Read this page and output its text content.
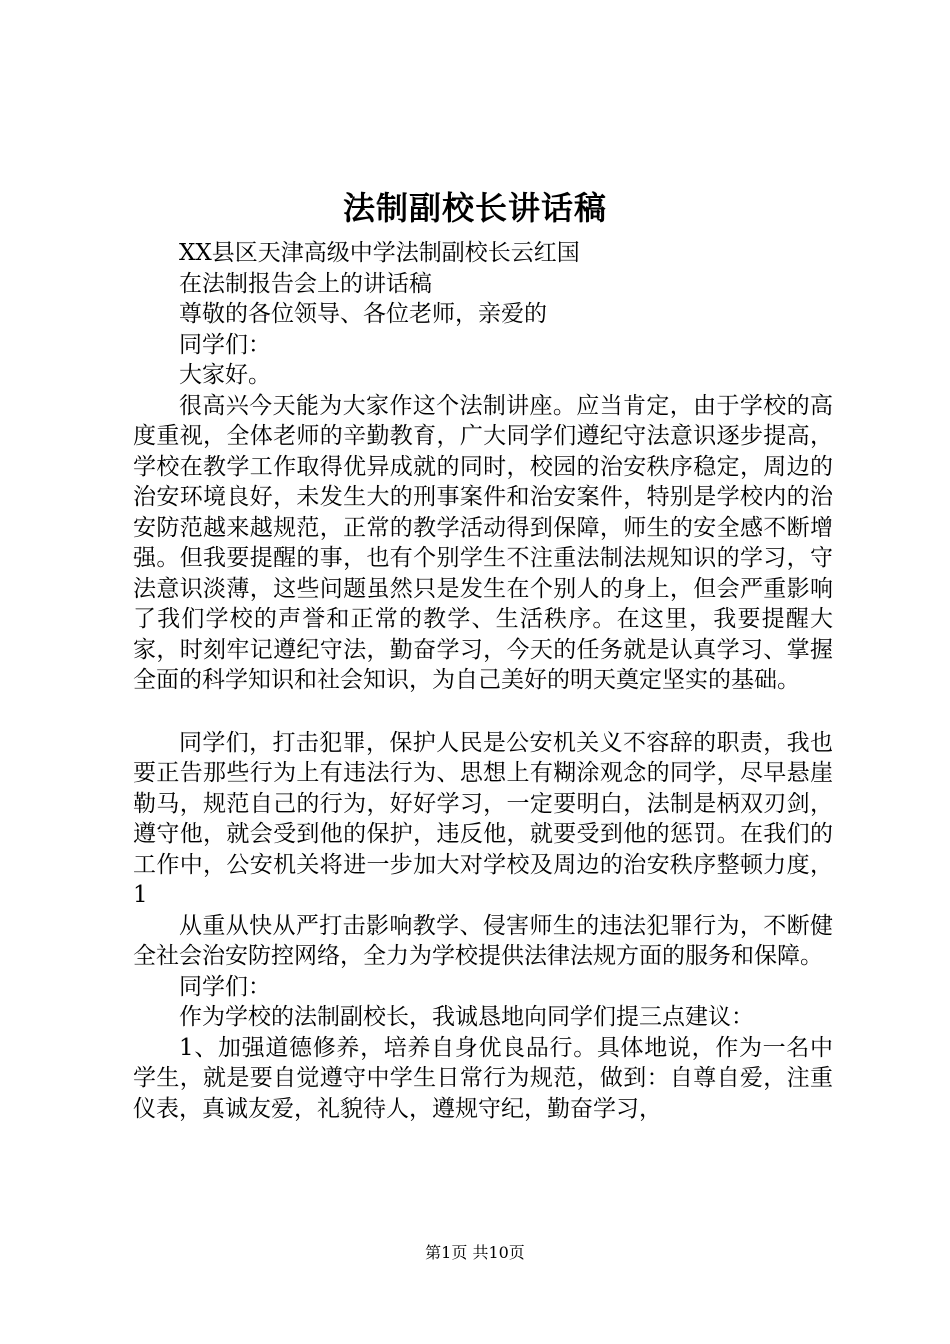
法制副校长讲话稿

XX县区天津高级中学法制副校长云红国

在法制报告会上的讲话稿

尊敬的各位领导、各位老师，亲爱的

同学们：

大家好。

很高兴今天能为大家作这个法制讲座。应当肯定，由于学校的高度重视，全体老师的辛勤教育，广大同学们遵纪守法意识逐步提高，学校在教学工作取得优异成就的同时，校园的治安秩序稳定，周边的治安环境良好，未发生大的刑事案件和治安案件，特别是学校内的治安防范越来越规范，正常的教学活动得到保障，师生的安全感不断增强。但我要提醒的事，也有个别学生不注重法制法规知识的学习，守法意识淡薄，这些问题虽然只是发生在个别人的身上，但会严重影响了我们学校的声誉和正常的教学、生活秩序。在这里，我要提醒大家，时刻牢记遵纪守法，勤奋学习，今天的任务就是认真学习、掌握全面的科学知识和社会知识，为自己美好的明天奠定坚实的基础。

同学们，打击犯罪，保护人民是公安机关义不容辞的职责，我也要正告那些行为上有违法行为、思想上有糊涂观念的同学，尽早悬崖勒马，规范自己的行为，好好学习，一定要明白，法制是柄双刃剑，遵守他，就会受到他的保护，违反他，就要受到他的惩罚。在我们的工作中，公安机关将进一步加大对学校及周边的治安秩序整顿力度，1

从重从快从严打击影响教学、侵害师生的违法犯罪行为，不断健全社会治安防控网络，全力为学校提供法律法规方面的服务和保障。

同学们：

作为学校的法制副校长，我诚恳地向同学们提三点建议：

1、加强道德修养，培养自身优良品行。具体地说，作为一名中学生，就是要自觉遵守中学生日常行为规范，做到：自尊自爱，注重仪表，真诚友爱，礼貌待人，遵规守纪，勤奋学习，

第1页 共10页
